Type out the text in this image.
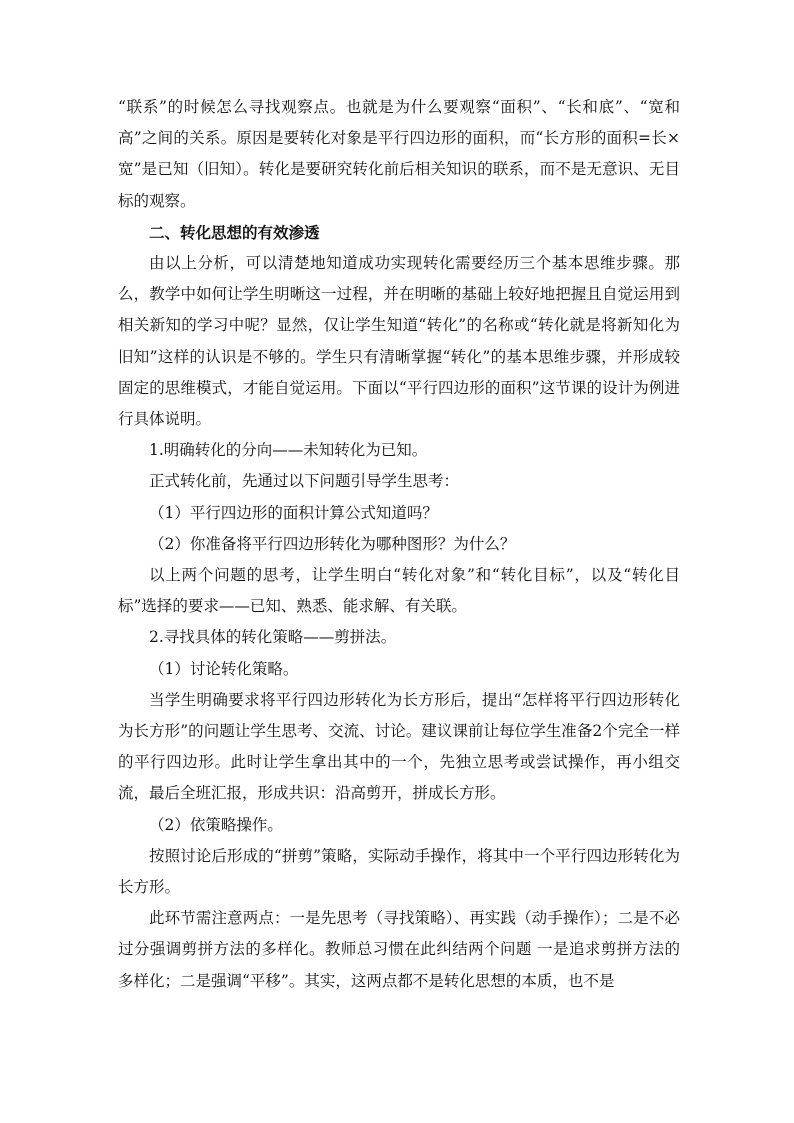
“联系”的时候怎么寻找观察点。也就是为什么要观察“面积”、“长和底”、“宽和高”之间的关系。原因是要转化对象是平行四边形的面积，而“长方形的面积=长×宽”是已知（旧知）。转化是要研究转化前后相关知识的联系，而不是无意识、无目标的观察。

二、转化思想的有效渗透

由以上分析，可以清楚地知道成功实现转化需要经历三个基本思维步骤。那么，教学中如何让学生明晰这一过程，并在明晰的基础上较好地把握且自觉运用到相关新知的学习中呢？显然，仅让学生知道“转化”的名称或“转化就是将新知化为旧知”这样的认识是不够的。学生只有清晰掌握“转化”的基本思维步骤，并形成较固定的思维模式，才能自觉运用。下面以“平行四边形的面积”这节课的设计为例进行具体说明。

1.明确转化的分向——未知转化为已知。

正式转化前，先通过以下问题引导学生思考：

（1）平行四边形的面积计算公式知道吗？

（2）你准备将平行四边形转化为哪种图形？为什么？

以上两个问题的思考，让学生明白“转化对象”和“转化目标”，以及“转化目标”选择的要求——已知、熟悉、能求解、有关联。

2.寻找具体的转化策略——剪拼法。

（1）讨论转化策略。

当学生明确要求将平行四边形转化为长方形后，提出“怎样将平行四边形转化为长方形”的问题让学生思考、交流、讨论。建议课前让每位学生准备2个完全一样的平行四边形。此时让学生拿出其中的一个，先独立思考或尝试操作，再小组交流，最后全班汇报，形成共识：沿高剪开，拼成长方形。

（2）依策略操作。

按照讨论后形成的“拼剪”策略，实际动手操作，将其中一个平行四边形转化为长方形。

此环节需注意两点：一是先思考（寻找策略）、再实践（动手操作）；二是不必过分强调剪拼方法的多样化。教师总习惯在此纠结两个问题 一是追求剪拼方法的多样化；二是强调“平移”。其实，这两点都不是转化思想的本质，也不是
